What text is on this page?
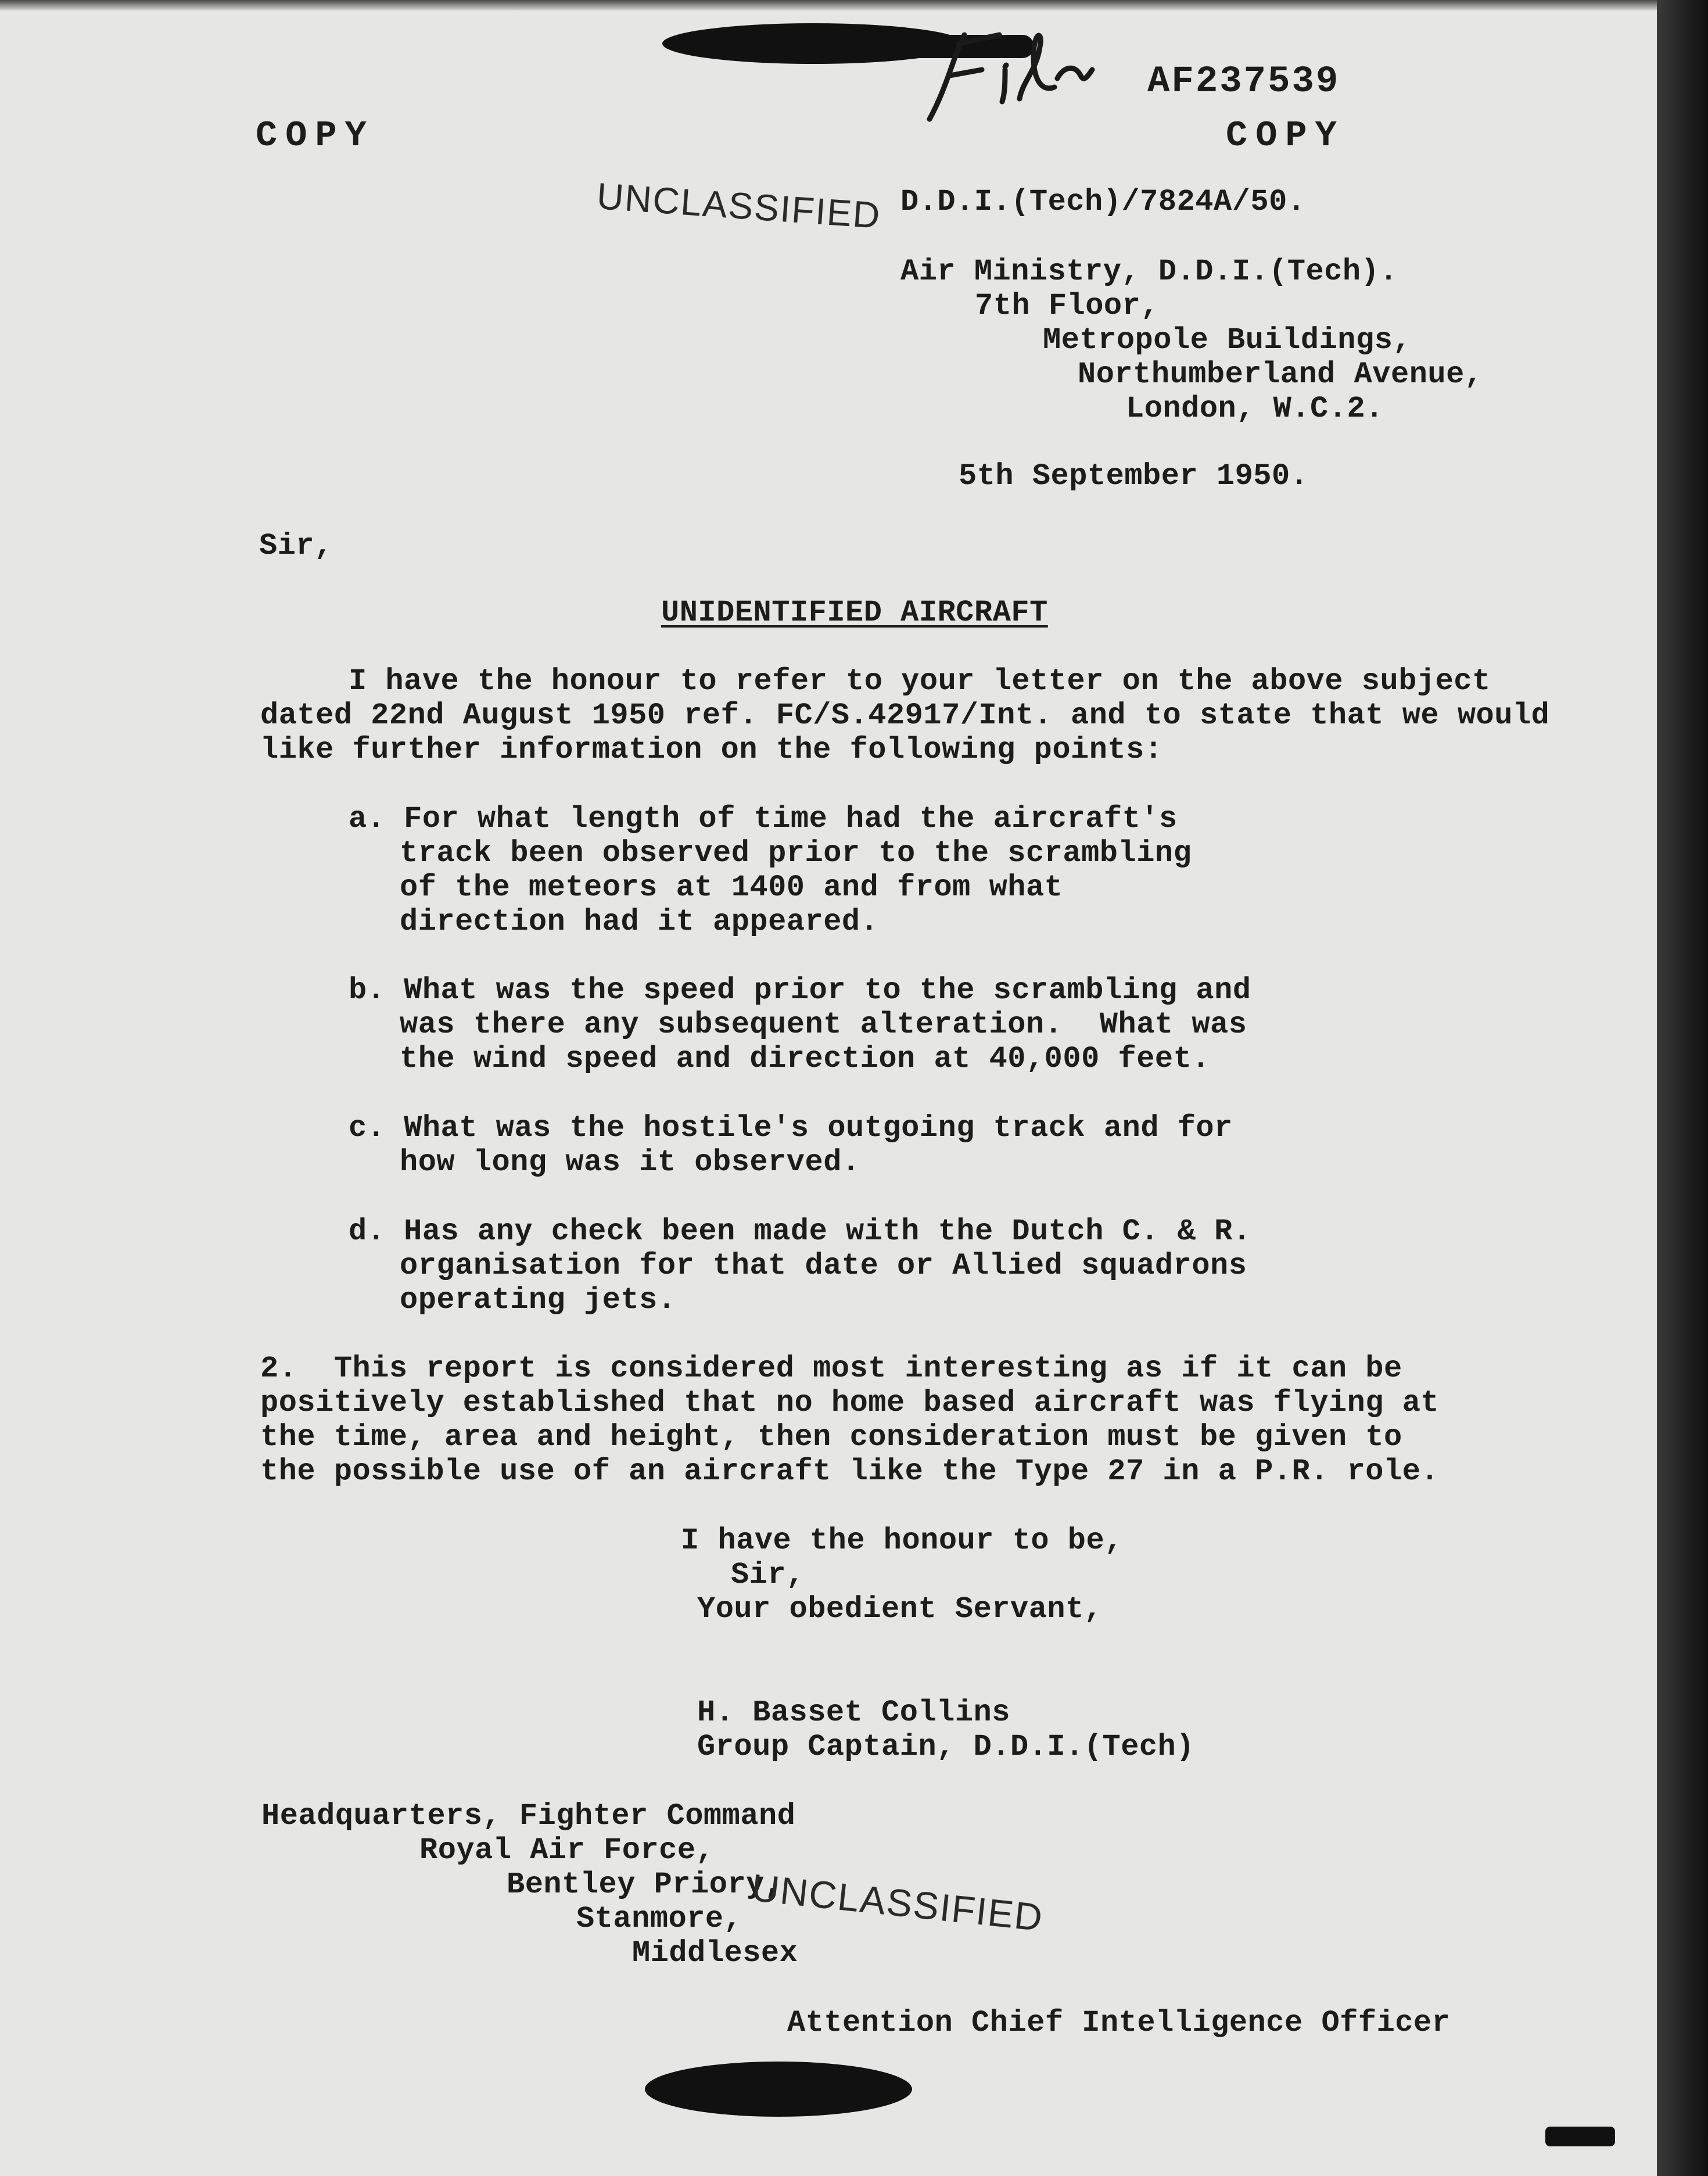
AF237539
COPY	COPY
UNCLASSIFIED D.D.I.(Tech)/7824A/50.
Air Ministry, D.D.I.(Tech).
7th Floor,
Metropole Buildings,
Northumberland Avenue,
London, W.C.2.
5th September 1950.
Sir,
UNIDENTIFIED AIRCRAFT
I have the honour to refer to your letter on the above subject
dated 22nd August 1950 ref. FC/S.42917/Int. and to state that we would
like further information on the following points:
a. For what length of time had the aircraft's
track been observed prior to the scrambling
of the meteors at 1400 and from what
direction had it appeared.
b. What was the speed prior to the scrambling and
was there any subsequent alteration.  What was
the wind speed and direction at 40,000 feet.
c. What was the hostile's outgoing track and for
how long was it observed.
d. Has any check been made with the Dutch C. & R.
organisation for that date or Allied squadrons
operating jets.
2.  This report is considered most interesting as if it can be
positively established that no home based aircraft was flying at
the time, area and height, then consideration must be given to
the possible use of an aircraft like the Type 27 in a P.R. role.
I have the honour to be,
Sir,
Your obedient Servant,
H. Basset Collins
Group Captain, D.D.I.(Tech)
Headquarters, Fighter Command
Royal Air Force,
Bentley Priory,
Stanmore,
Middlesex
UNCLASSIFIED
Attention Chief Intelligence Officer
